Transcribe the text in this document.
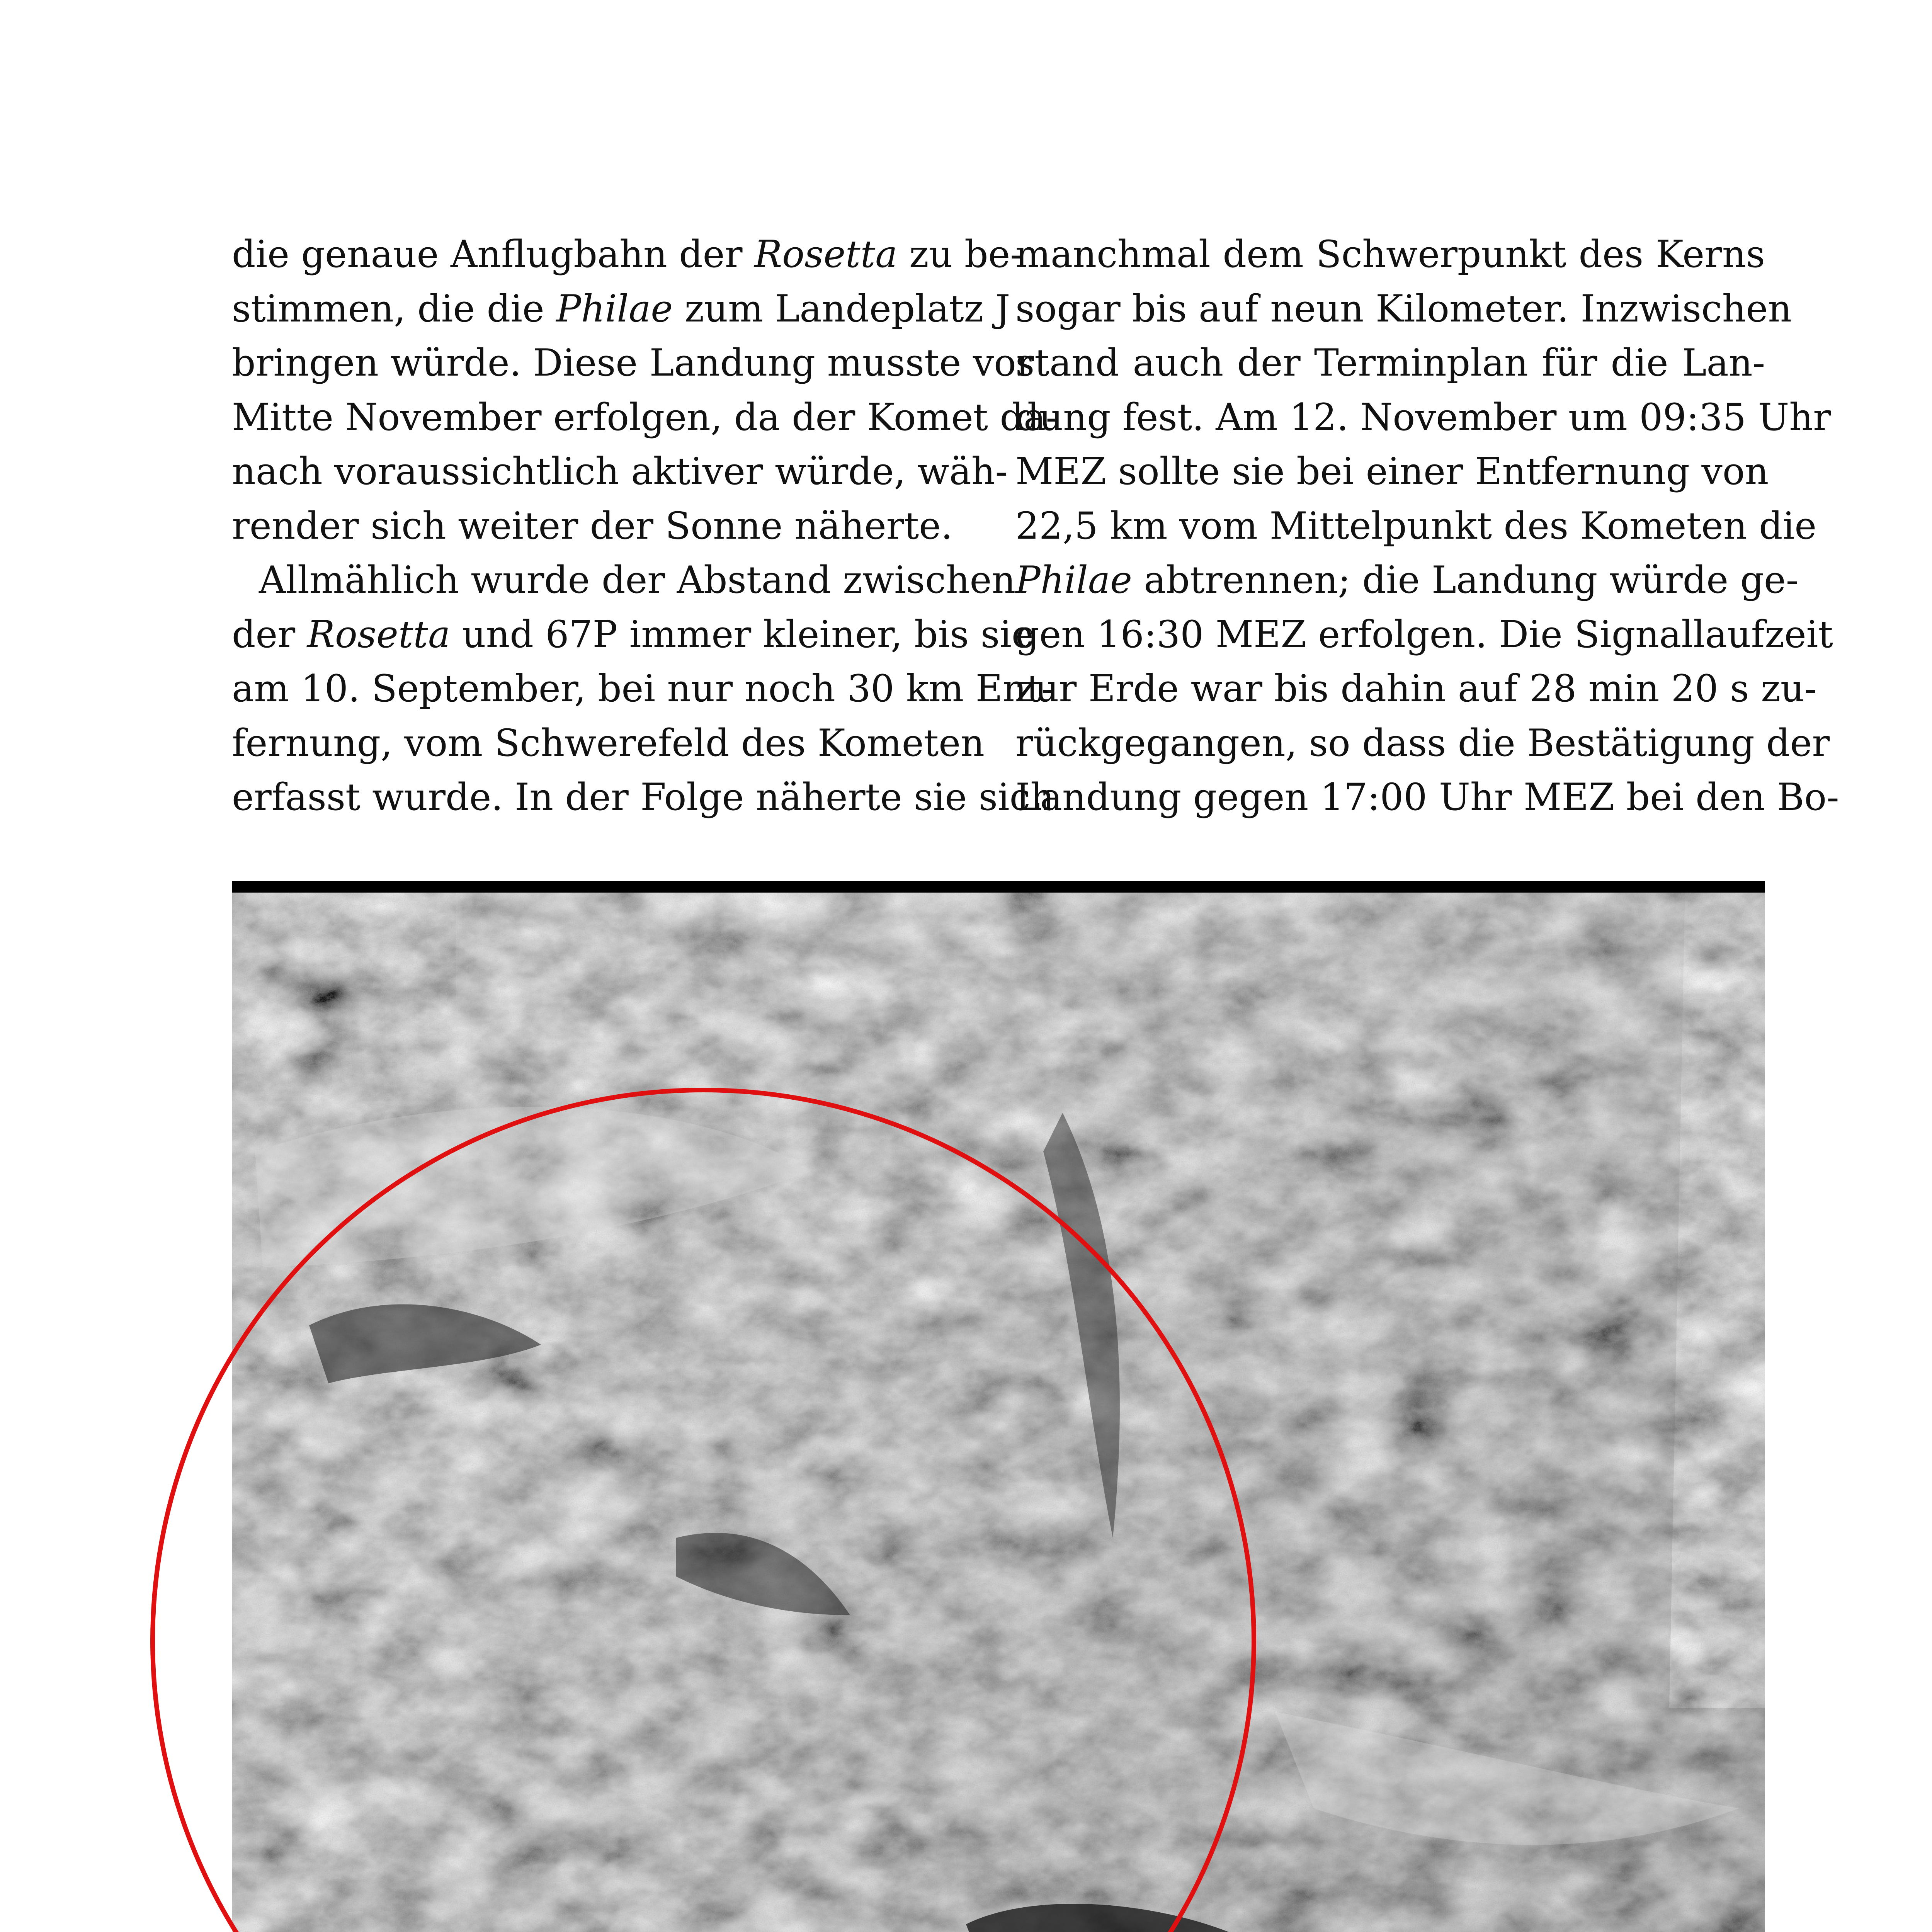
die genaue Anflugbahn der Rosetta zu be-
stimmen, die die Philae zum Landeplatz J
bringen würde. Diese Landung musste vor
Mitte November erfolgen, da der Komet da-
nach voraussichtlich aktiver würde, wäh-
render sich weiter der Sonne näherte.
Allmählich wurde der Abstand zwischen
der Rosetta und 67P immer kleiner, bis sie
am 10. September, bei nur noch 30 km Ent-
fernung, vom Schwerefeld des Kometen
erfasst wurde. In der Folge näherte sie sich
manchmal dem Schwerpunkt des Kerns
sogar bis auf neun Kilometer. Inzwischen
stand auch der Terminplan für die Lan-
dung fest. Am 12. November um 09:35 Uhr
MEZ sollte sie bei einer Entfernung von
22,5 km vom Mittelpunkt des Kometen die
Philae abtrennen; die Landung würde ge-
gen 16:30 MEZ erfolgen. Die Signallaufzeit
zur Erde war bis dahin auf 28 min 20 s zu-
rückgegangen, so dass die Bestätigung der
Landung gegen 17:00 Uhr MEZ bei den Bo-
